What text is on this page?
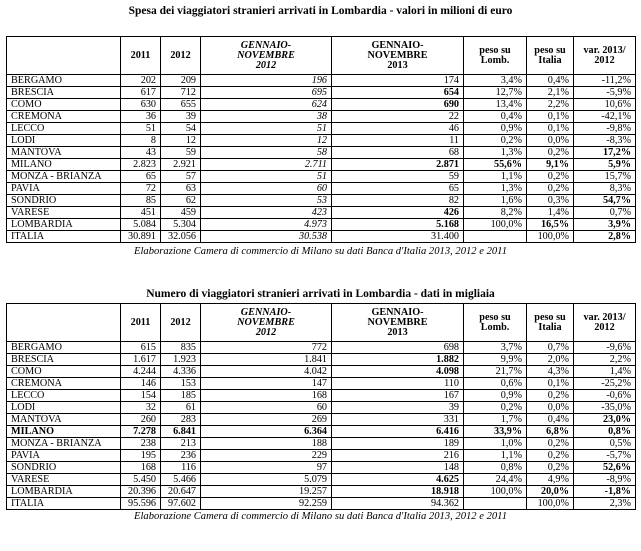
Spesa dei viaggiatori stranieri arrivati in Lombardia - valori in milioni di euro
	2011	2012	GENNAIO-
NOVEMBRE
2012	GENNAIO-
NOVEMBRE
2013	peso su
Lomb.	peso su
Italia	var. 2013/
2012
BERGAMO	202	209	196	174	3,4%	0,4%	-11,2%
BRESCIA	617	712	695	654	12,7%	2,1%	-5,9%
COMO	630	655	624	690	13,4%	2,2%	10,6%
CREMONA	36	39	38	22	0,4%	0,1%	-42,1%
LECCO	51	54	51	46	0,9%	0,1%	-9,8%
LODI	8	12	12	11	0,2%	0,0%	-8,3%
MANTOVA	43	59	58	68	1,3%	0,2%	17,2%
MILANO	2.823	2.921	2.711	2.871	55,6%	9,1%	5,9%
MONZA - BRIANZA	65	57	51	59	1,1%	0,2%	15,7%
PAVIA	72	63	60	65	1,3%	0,2%	8,3%
SONDRIO	85	62	53	82	1,6%	0,3%	54,7%
VARESE	451	459	423	426	8,2%	1,4%	0,7%
LOMBARDIA	5.084	5.304	4.973	5.168	100,0%	16,5%	3,9%
ITALIA	30.891	32.056	30.538	31.400		100,0%	2,8%
Elaborazione Camera di commercio di Milano su dati Banca d'Italia 2013, 2012 e 2011
Numero di viaggiatori stranieri arrivati in Lombardia - dati in migliaia
	2011	2012	GENNAIO-
NOVEMBRE
2012	GENNAIO-
NOVEMBRE
2013	peso su
Lomb.	peso su
Italia	var. 2013/
2012
BERGAMO	615	835	772	698	3,7%	0,7%	-9,6%
BRESCIA	1.617	1.923	1.841	1.882	9,9%	2,0%	2,2%
COMO	4.244	4.336	4.042	4.098	21,7%	4,3%	1,4%
CREMONA	146	153	147	110	0,6%	0,1%	-25,2%
LECCO	154	185	168	167	0,9%	0,2%	-0,6%
LODI	32	61	60	39	0,2%	0,0%	-35,0%
MANTOVA	260	283	269	331	1,7%	0,4%	23,0%
MILANO	7.278	6.841	6.364	6.416	33,9%	6,8%	0,8%
MONZA - BRIANZA	238	213	188	189	1,0%	0,2%	0,5%
PAVIA	195	236	229	216	1,1%	0,2%	-5,7%
SONDRIO	168	116	97	148	0,8%	0,2%	52,6%
VARESE	5.450	5.466	5.079	4.625	24,4%	4,9%	-8,9%
LOMBARDIA	20.396	20.647	19.257	18.918	100,0%	20,0%	-1,8%
ITALIA	95.596	97.602	92.259	94.362		100,0%	2,3%
Elaborazione Camera di commercio di Milano su dati Banca d'Italia 2013, 2012 e 2011
